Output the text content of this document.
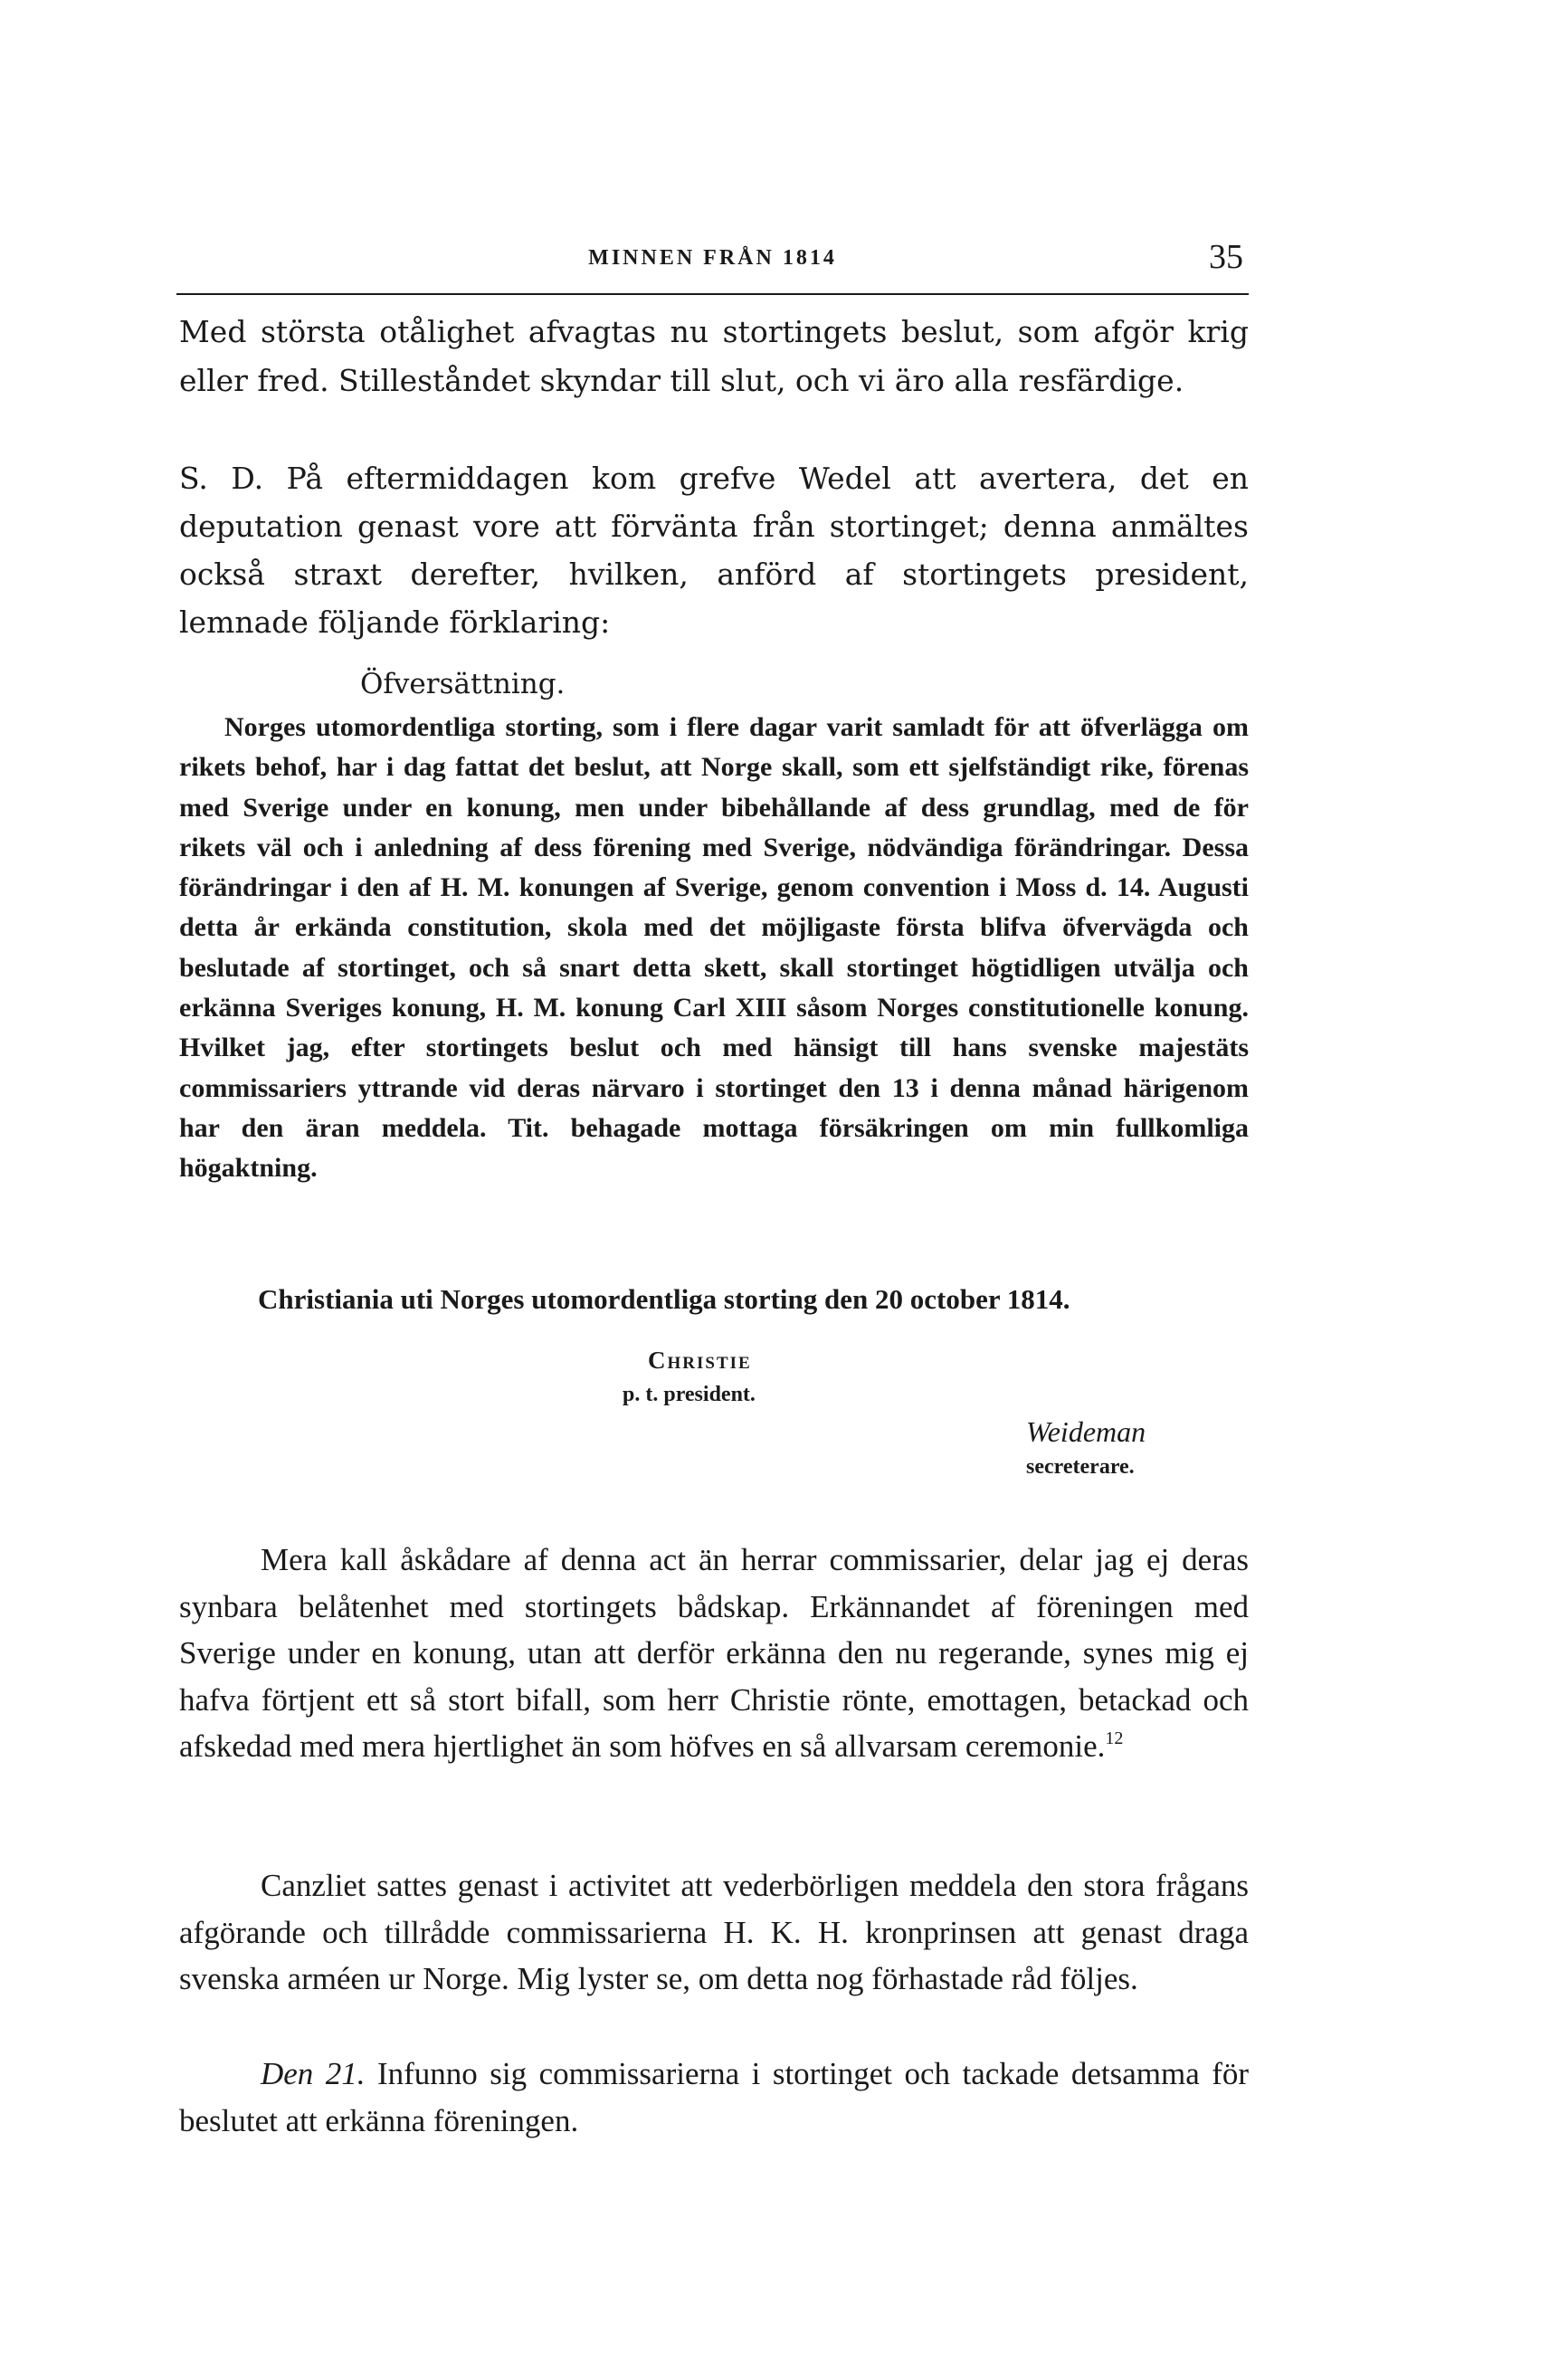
MINNEN FRÅN 1814	35

Med största otålighet afvagtas nu stortingets beslut, som afgör krig eller fred. Stilleståndet skyndar till slut, och vi äro alla resfärdige.

S. D. På eftermiddagen kom grefve Wedel att avertera, det en deputation genast vore att förvänta från stortinget; denna anmältes också straxt derefter, hvilken, anförd af stortingets president, lemnade följande förklaring:

Öfversättning.

Norges utomordentliga storting, som i flere dagar varit samladt för att öfverlägga om rikets behof, har i dag fattat det beslut, att Norge skall, som ett sjelfständigt rike, förenas med Sverige under en konung, men under bibehållande af dess grundlag, med de för rikets väl och i anledning af dess förening med Sverige, nödvändiga förändringar. Dessa förändringar i den af H. M. konungen af Sverige, genom convention i Moss d. 14. Augusti detta år erkända constitution, skola med det möjligaste första blifva öfvervägda och beslutade af stortinget, och så snart detta skett, skall stortinget högtidligen utvälja och erkänna Sveriges konung, H. M. konung Carl XIII såsom Norges constitutionelle konung. Hvilket jag, efter stortingets beslut och med hänsigt till hans svenske majestäts commissariers yttrande vid deras närvaro i stortinget den 13 i denna månad härigenom har den äran meddela. Tit. behagade mottaga försäkringen om min fullkomliga högaktning.

Christiania uti Norges utomordentliga storting den 20 october 1814.
Christie
p. t. president.
Weideman
secreterare.

Mera kall åskådare af denna act än herrar commissarier, delar jag ej deras synbara belåtenhet med stortingets bådskap. Erkännandet af föreningen med Sverige under en konung, utan att derför erkänna den nu regerande, synes mig ej hafva förtjent ett så stort bifall, som herr Christie rönte, emottagen, betackad och afskedad med mera hjertlighet än som höfves en så allvarsam ceremonie.$^{12}$

Canzliet sattes genast i activitet att vederbörligen meddela den stora frågans afgörande och tillrådde commissarierna H. K. H. kronprinsen att genast draga svenska arméen ur Norge. Mig lyster se, om detta nog förhastade råd följes.

Den 21. Infunno sig commissarierna i stortinget och tackade detsamma för beslutet att erkänna föreningen.
